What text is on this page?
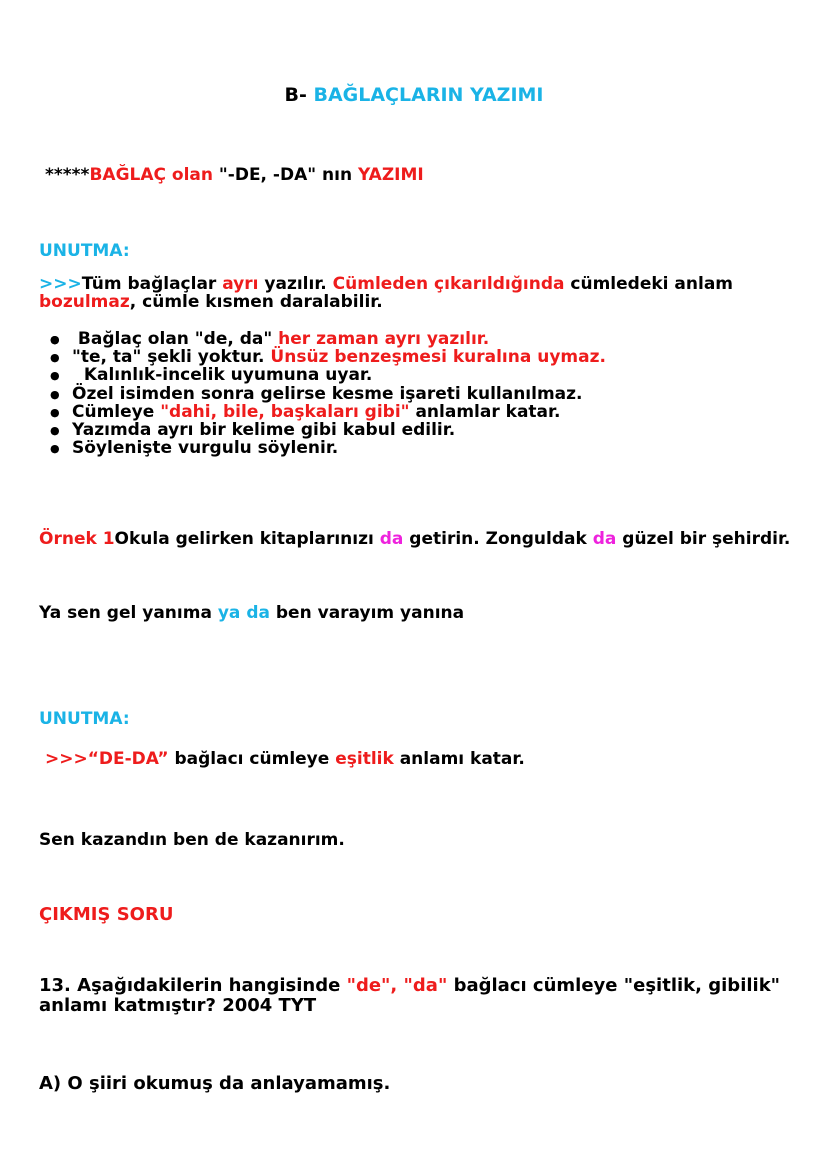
B- BAĞLAÇLARIN YAZIMI
*****BAĞLAÇ olan "-DE, -DA" nın YAZIMI
UNUTMA:
>>>Tüm bağlaçlar ayrı yazılır. Cümleden çıkarıldığında cümledeki anlam bozulmaz, cümle kısmen daralabilir.
●  Bağlaç olan "de, da" her zaman ayrı yazılır.
● "te, ta" şekli yoktur. Ünsüz benzeşmesi kuralına uymaz.
●   Kalınlık-incelik uyumuna uyar.
● Özel isimden sonra gelirse kesme işareti kullanılmaz.
● Cümleye "dahi, bile, başkaları gibi" anlamlar katar.
● Yazımda ayrı bir kelime gibi kabul edilir.
● Söylenişte vurgulu söylenir.
Örnek 1Okula gelirken kitaplarınızı da getirin. Zonguldak da güzel bir şehirdir.
Ya sen gel yanıma ya da ben varayım yanına
UNUTMA:
>>>“DE-DA” bağlacı cümleye eşitlik anlamı katar.
Sen kazandın ben de kazanırım.
ÇIKMIŞ SORU
13. Aşağıdakilerin hangisinde "de", "da" bağlacı cümleye "eşitlik, gibilik" anlamı katmıştır? 2004 TYT
A) O şiiri okumuş da anlayamamış.
